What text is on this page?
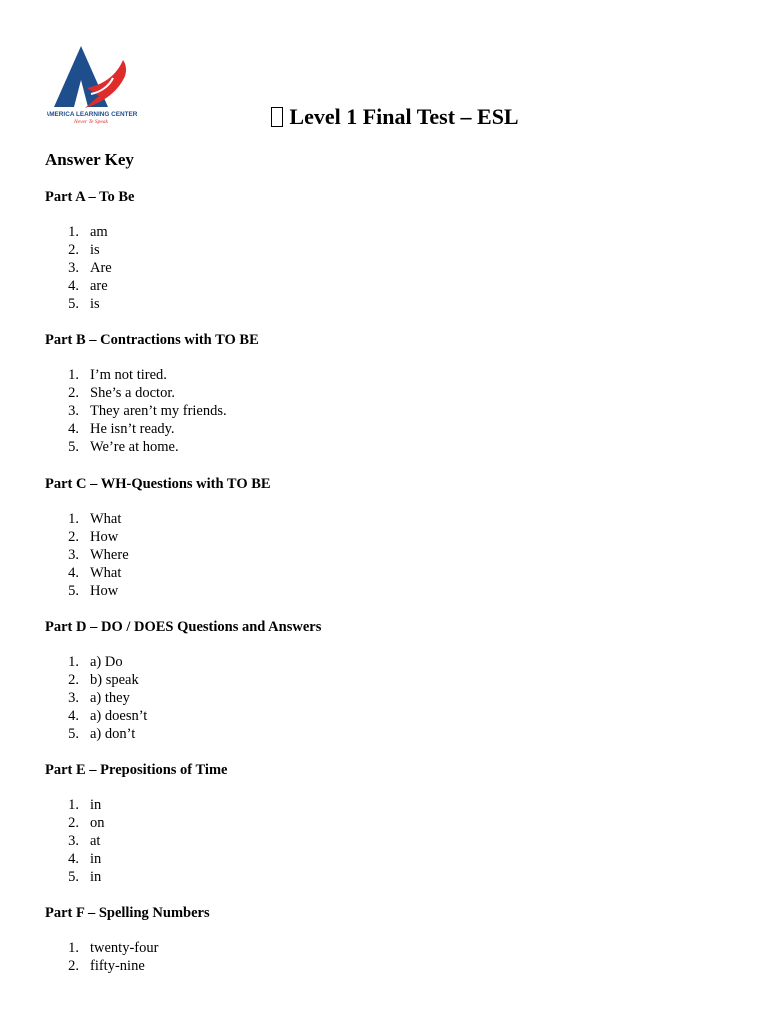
AMERICA LEARNING CENTER
Never Te Speak	Level 1 Final Test – ESL
Answer Key
Part A – To Be
1. am
2. is
3. Are
4. are
5. is
Part B – Contractions with TO BE
1. I’m not tired.
2. She’s a doctor.
3. They aren’t my friends.
4. He isn’t ready.
5. We’re at home.
Part C – WH-Questions with TO BE
1. What
2. How
3. Where
4. What
5. How
Part D – DO / DOES Questions and Answers
1. a) Do
2. b) speak
3. a) they
4. a) doesn’t
5. a) don’t
Part E – Prepositions of Time
1. in
2. on
3. at
4. in
5. in
Part F – Spelling Numbers
1. twenty-four
2. fifty-nine
